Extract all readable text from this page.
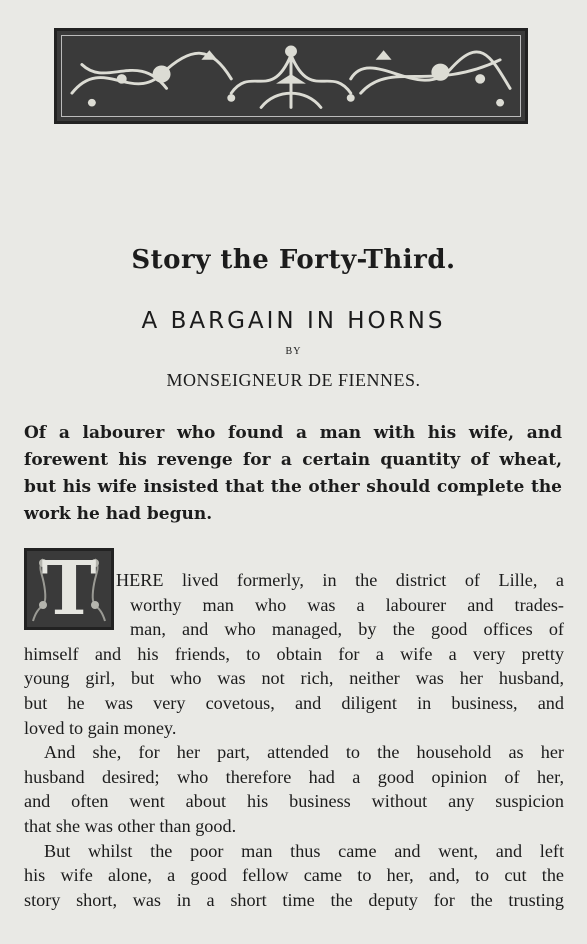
Story the Forty-Third.
A BARGAIN IN HORNS
BY
MONSEIGNEUR DE FIENNES.
Of a labourer who found a man with his wife, and forewent his revenge for a certain quantity of wheat, but his wife insisted that the other should complete the work he had begun.
T	HERE lived formerly, in the district of Lille, a
worthy man who was a labourer and trades-
man, and who managed, by the good offices of
himself and his friends, to obtain for a wife a very pretty
young girl, but who was not rich, neither was her husband,
but he was very covetous, and diligent in business, and
loved to gain money.
And she, for her part, attended to the household as her
husband desired; who therefore had a good opinion of her,
and often went about his business without any suspicion
that she was other than good.
But whilst the poor man thus came and went, and left
his wife alone, a good fellow came to her, and, to cut the
story short, was in a short time the deputy for the trusting
